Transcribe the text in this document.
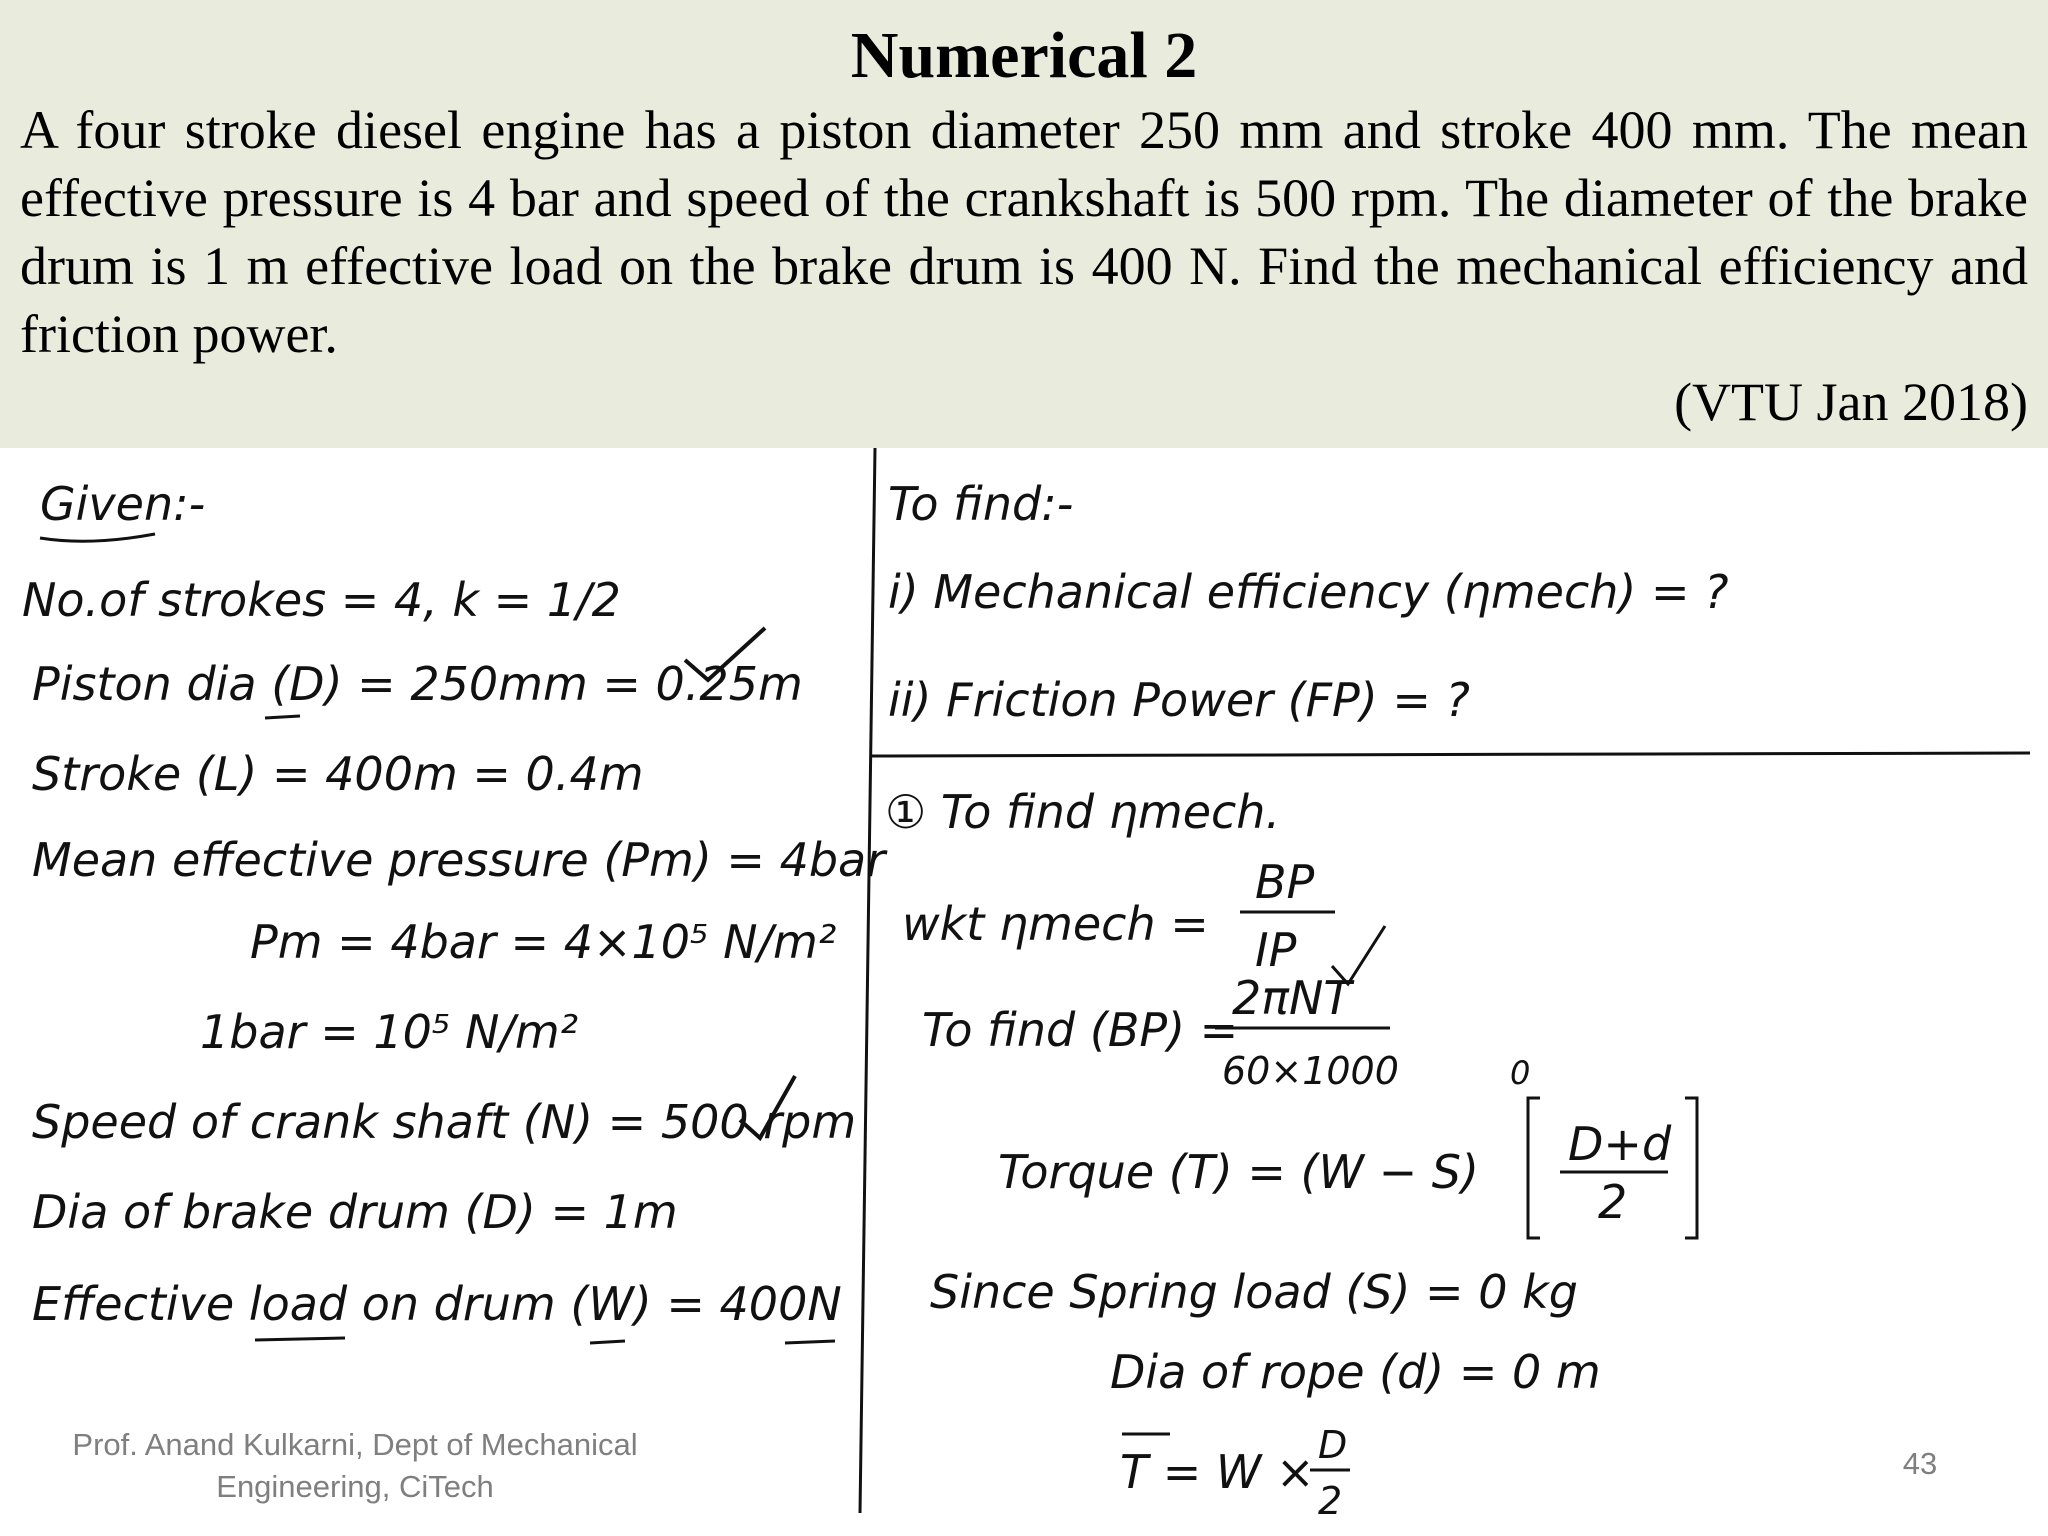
Numerical 2
A four stroke diesel engine has a piston diameter 250 mm and stroke 400 mm. The mean effective pressure is 4 bar and speed of the crankshaft is 500 rpm. The diameter of the brake drum is 1 m effective load on the brake drum is 400 N. Find the mechanical efficiency and friction power.
(VTU Jan 2018)
Given:-
No.of strokes = 4, k = 1/2
Piston dia (D) = 250mm = 0.25m
Stroke (L) = 400m = 0.4m
Mean effective pressure (Pm) = 4bar
Pm = 4bar = 4×10⁵ N/m²
1bar = 10⁵ N/m²
Speed of crank shaft (N) = 500 rpm
Dia of brake drum (D) = 1m
Effective load on drum (W) = 400N
To find:-
i) Mechanical efficiency (ηmech) = ?
ii) Friction Power (FP) = ?
① To find ηmech.
wkt ηmech =
BP
IP
To find (BP) =
2πNT
60×1000	0
Torque (T) = (W − S)
D+d
2
Since Spring load (S) = 0 kg
Dia of rope (d) = 0 m
T = W × D
2
Prof. Anand Kulkarni, Dept of Mechanical
Engineering, CiTech
43
